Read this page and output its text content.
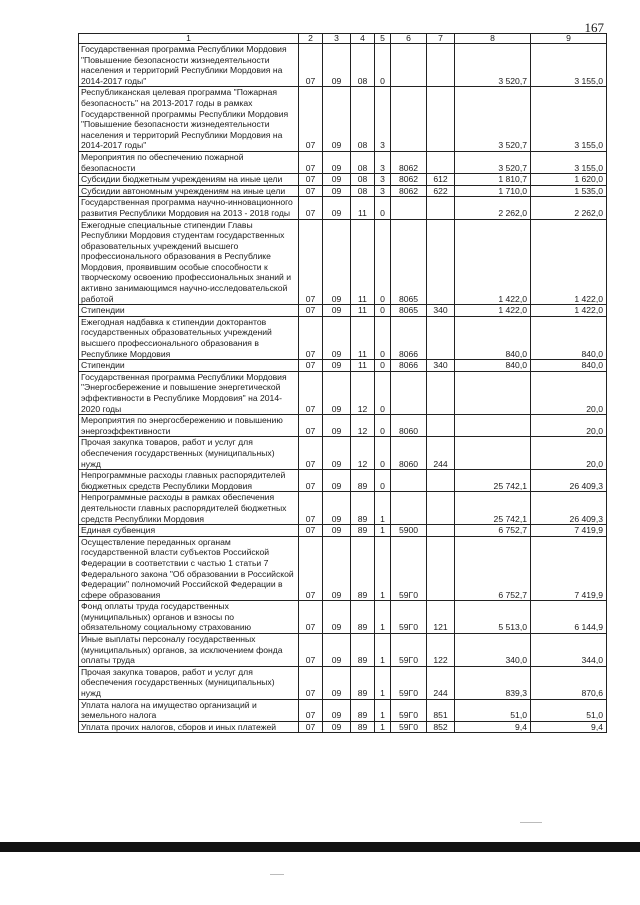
167
1	2	3	4	5	6	7	8	9
Государственная программа Республики Мордовия "Повышение безопасности жизнедеятельности населения и территорий Республики Мордовия на 2014-2017 годы"	07	09	08	0			3 520,7	3 155,0
Республиканская целевая программа "Пожарная безопасность" на 2013-2017 годы в рамках Государственной программы Республики Мордовия "Повышение безопасности жизнедеятельности населения и территорий Республики Мордовия на 2014-2017 годы"	07	09	08	3			3 520,7	3 155,0
Мероприятия по обеспечению пожарной безопасности	07	09	08	3	8062		3 520,7	3 155,0
Субсидии бюджетным учреждениям на иные цели	07	09	08	3	8062	612	1 810,7	1 620,0
Субсидии автономным учреждениям на иные цели	07	09	08	3	8062	622	1 710,0	1 535,0
Государственная программа научно-инновационного развития Республики Мордовия на 2013 - 2018 годы	07	09	11	0			2 262,0	2 262,0
Ежегодные специальные стипендии Главы Республики Мордовия студентам государственных образовательных учреждений высшего профессионального образования в Республике Мордовия, проявившим особые способности к творческому освоению профессиональных знаний и активно занимающимся научно-исследовательской работой	07	09	11	0	8065		1 422,0	1 422,0
Стипендии	07	09	11	0	8065	340	1 422,0	1 422,0
Ежегодная надбавка к стипендии докторантов государственных образовательных учреждений высшего профессионального образования в Республике Мордовия	07	09	11	0	8066		840,0	840,0
Стипендии	07	09	11	0	8066	340	840,0	840,0
Государственная программа Республики Мордовия "Энергосбережение и повышение энергетической эффективности в Республике Мордовия" на 2014-2020 годы	07	09	12	0				20,0
Мероприятия по энергосбережению и повышению энергоэффективности	07	09	12	0	8060			20,0
Прочая закупка товаров, работ и услуг для обеспечения государственных (муниципальных) нужд	07	09	12	0	8060	244		20,0
Непрограммные расходы главных распорядителей бюджетных средств Республики Мордовия	07	09	89	0			25 742,1	26 409,3
Непрограммные расходы в рамках обеспечения деятельности главных распорядителей бюджетных средств Республики Мордовия	07	09	89	1			25 742,1	26 409,3
Единая субвенция	07	09	89	1	5900		6 752,7	7 419,9
Осуществление переданных органам государственной власти субъектов Российской Федерации в соответствии с частью 1 статьи 7 Федерального закона "Об образовании в Российской Федерации" полномочий Российской Федерации в сфере образования	07	09	89	1	59Г0		6 752,7	7 419,9
Фонд оплаты труда государственных (муниципальных) органов и взносы по обязательному социальному страхованию	07	09	89	1	59Г0	121	5 513,0	6 144,9
Иные выплаты персоналу государственных (муниципальных) органов, за исключением фонда оплаты труда	07	09	89	1	59Г0	122	340,0	344,0
Прочая закупка товаров, работ и услуг для обеспечения государственных (муниципальных) нужд	07	09	89	1	59Г0	244	839,3	870,6
Уплата налога на имущество организаций и земельного налога	07	09	89	1	59Г0	851	51,0	51,0
Уплата прочих налогов, сборов и иных платежей	07	09	89	1	59Г0	852	9,4	9,4
